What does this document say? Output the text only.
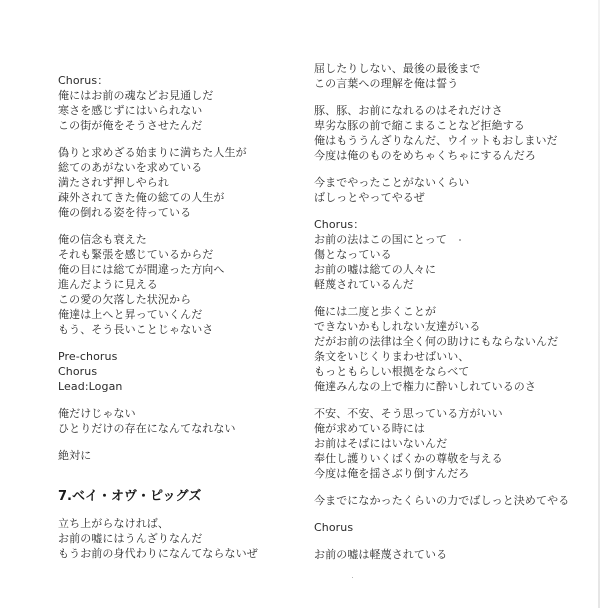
Chorus：
俺にはお前の魂などお見通しだ
寒さを感じずにはいられない
この街が俺をそうさせたんだ
偽りと求めざる始まりに満ちた人生が
総てのあがないを求めている
満たされず押しやられ
疎外されてきた俺の総ての人生が
俺の倒れる姿を待っている
俺の信念も衰えた
それも緊張を感じているからだ
俺の目には総てが間違った方向へ
進んだように見える
この愛の欠落した状況から
俺達は上へと昇っていくんだ
もう、そう長いことじゃないさ
Pre-chorus
Chorus
Lead:Logan
俺だけじゃない
ひとりだけの存在になんてなれない
絶対に
7.ベイ・オヴ・ピッグズ
立ち上がらなければ、
お前の嘘にはうんざりなんだ
もうお前の身代わりになんてならないぜ
屈したりしない、最後の最後まで
この言葉への理解を俺は誓う
豚、豚、お前になれるのはそれだけさ
卑劣な豚の前で縮こまることなど拒絶する
俺はもううんざりなんだ、ウイットもおしまいだ
今度は俺のものをめちゃくちゃにするんだろ
今までやったことがないくらい
ばしっとやってやるぜ
Chorus：
お前の法はこの国にとって
傷となっている
お前の嘘は総ての人々に
軽蔑されているんだ
俺には二度と歩くことが
できないかもしれない友達がいる
だがお前の法律は全く何の助けにもならないんだ
条文をいじくりまわせばいい、
もっともらしい根拠をならべて
俺達みんなの上で権力に酔いしれているのさ
不安、不安、そう思っている方がいい
俺が求めている時には
お前はそばにはいないんだ
奉仕し護りいくばくかの尊敬を与える
今度は俺を揺さぶり倒すんだろ
今までになかったくらいの力でばしっと決めてやる
Chorus
お前の嘘は軽蔑されている
